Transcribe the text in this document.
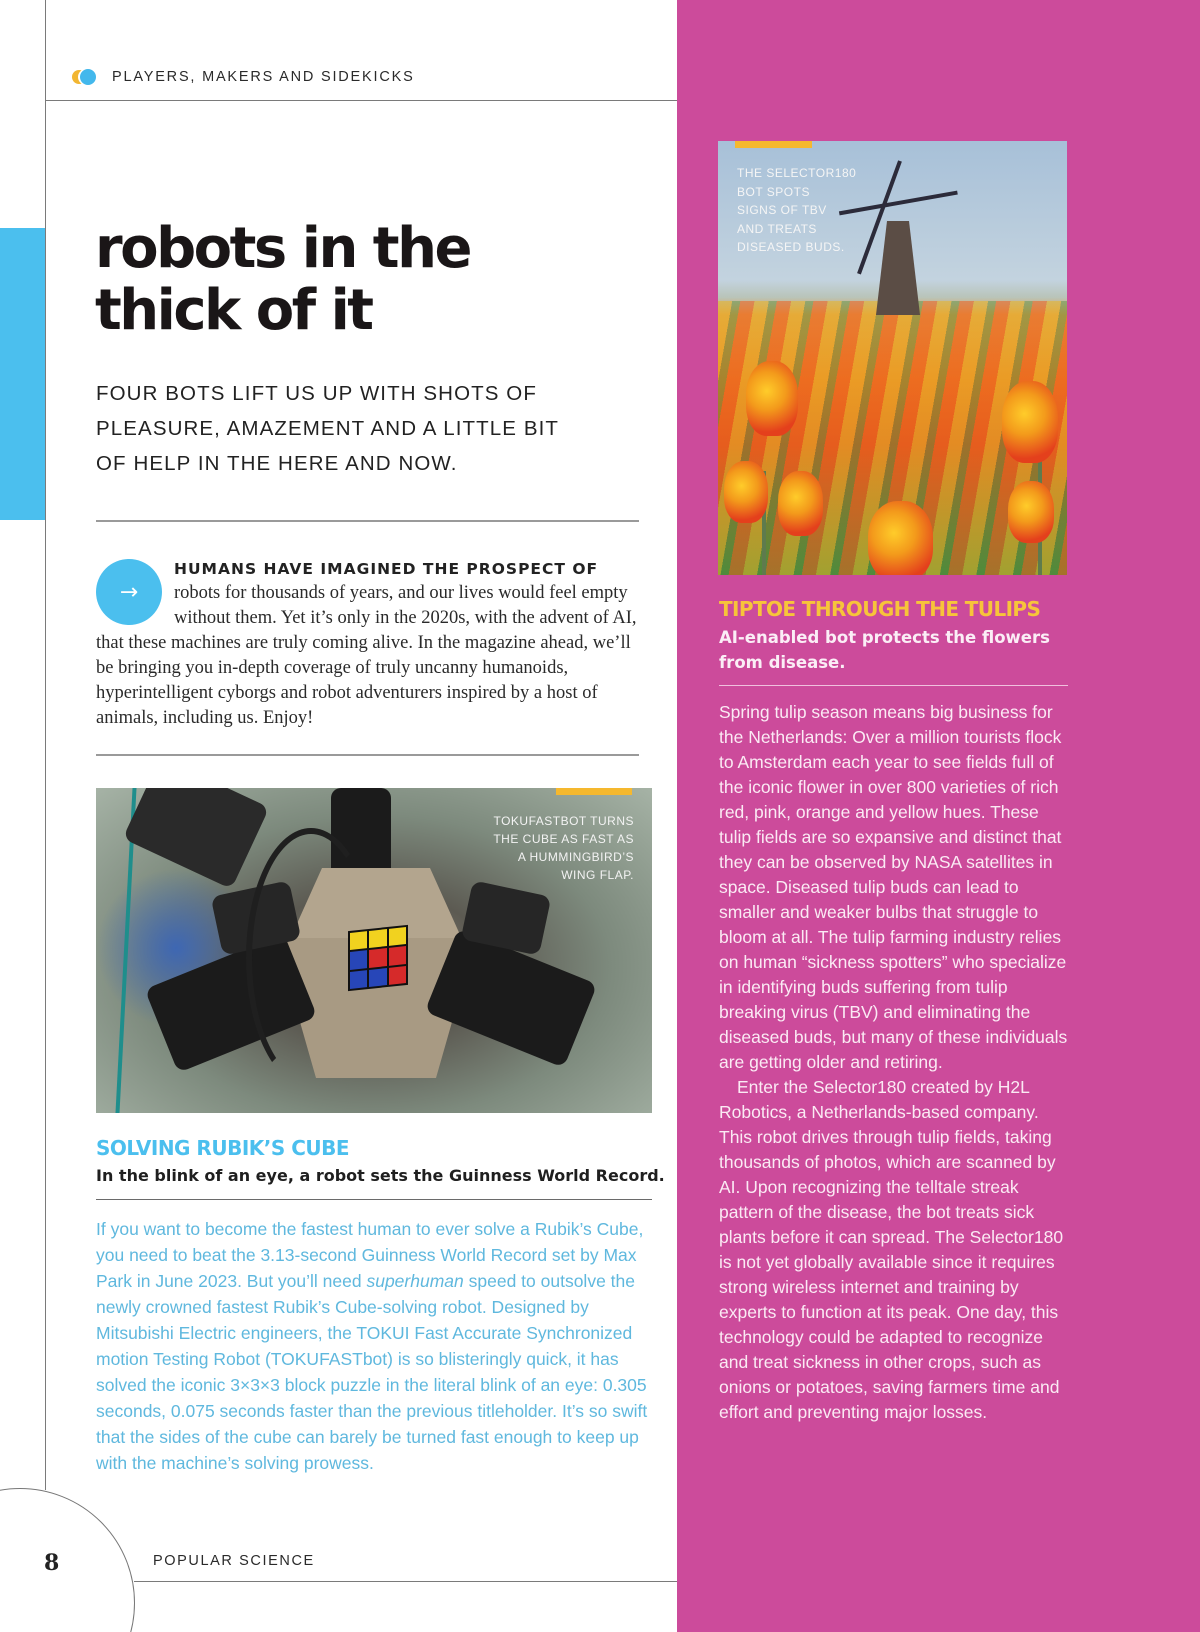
PLAYERS, MAKERS AND SIDEKICKS
robots in the
thick of it
FOUR BOTS LIFT US UP WITH SHOTS OF
PLEASURE, AMAZEMENT AND A LITTLE BIT
OF HELP IN THE HERE AND NOW.
→
HUMANS HAVE IMAGINED THE PROSPECT OF
robots for thousands of years, and our lives would feel empty without them. Yet it’s only in the 2020s, with the advent of AI, that these machines are truly coming alive. In the magazine ahead, we’ll be bringing you in-depth coverage of truly uncanny humanoids, hyperintelligent cyborgs and robot adventurers inspired by a host of animals, including us. Enjoy!
TOKUFASTBOT TURNS
THE CUBE AS FAST AS
A HUMMINGBIRD’S
WING FLAP.
SOLVING RUBIK’S CUBE
In the blink of an eye, a robot sets the Guinness World Record.
If you want to become the fastest human to ever solve a Rubik’s Cube, you need to beat the 3.13-second Guinness World Record set by Max Park in June 2023. But you’ll need superhuman speed to outsolve the newly crowned fastest Rubik’s Cube-solving robot. Designed by Mitsubishi Electric engineers, the TOKUI Fast Accurate Synchronized motion Testing Robot (TOKUFASTbot) is so blisteringly quick, it has solved the iconic 3×3×3 block puzzle in the literal blink of an eye: 0.305 seconds, 0.075 seconds faster than the previous titleholder. It’s so swift that the sides of the cube can barely be turned fast enough to keep up with the machine’s solving prowess.
8	POPULAR SCIENCE
THE SELECTOR180
BOT SPOTS
SIGNS OF TBV
AND TREATS
DISEASED BUDS.
TIPTOE THROUGH THE TULIPS
AI-enabled bot protects the flowers from disease.

Spring tulip season means big business for the Netherlands: Over a million tourists flock to Amsterdam each year to see fields full of the iconic flower in over 800 varieties of rich red, pink, orange and yellow hues. These tulip fields are so expansive and distinct that they can be observed by NASA satellites in space. Diseased tulip buds can lead to smaller and weaker bulbs that struggle to bloom at all. The tulip farming industry relies on human “sickness spotters” who specialize in identifying buds suffering from tulip breaking virus (TBV) and eliminating the diseased buds, but many of these individuals are getting older and retiring.

Enter the Selector180 created by H2L Robotics, a Netherlands-based company. This robot drives through tulip fields, taking thousands of photos, which are scanned by AI. Upon recognizing the telltale streak pattern of the disease, the bot treats sick plants before it can spread. The Selector180 is not yet globally available since it requires strong wireless internet and training by experts to function at its peak. One day, this technology could be adapted to recognize and treat sickness in other crops, such as onions or potatoes, saving farmers time and effort and preventing major losses.
